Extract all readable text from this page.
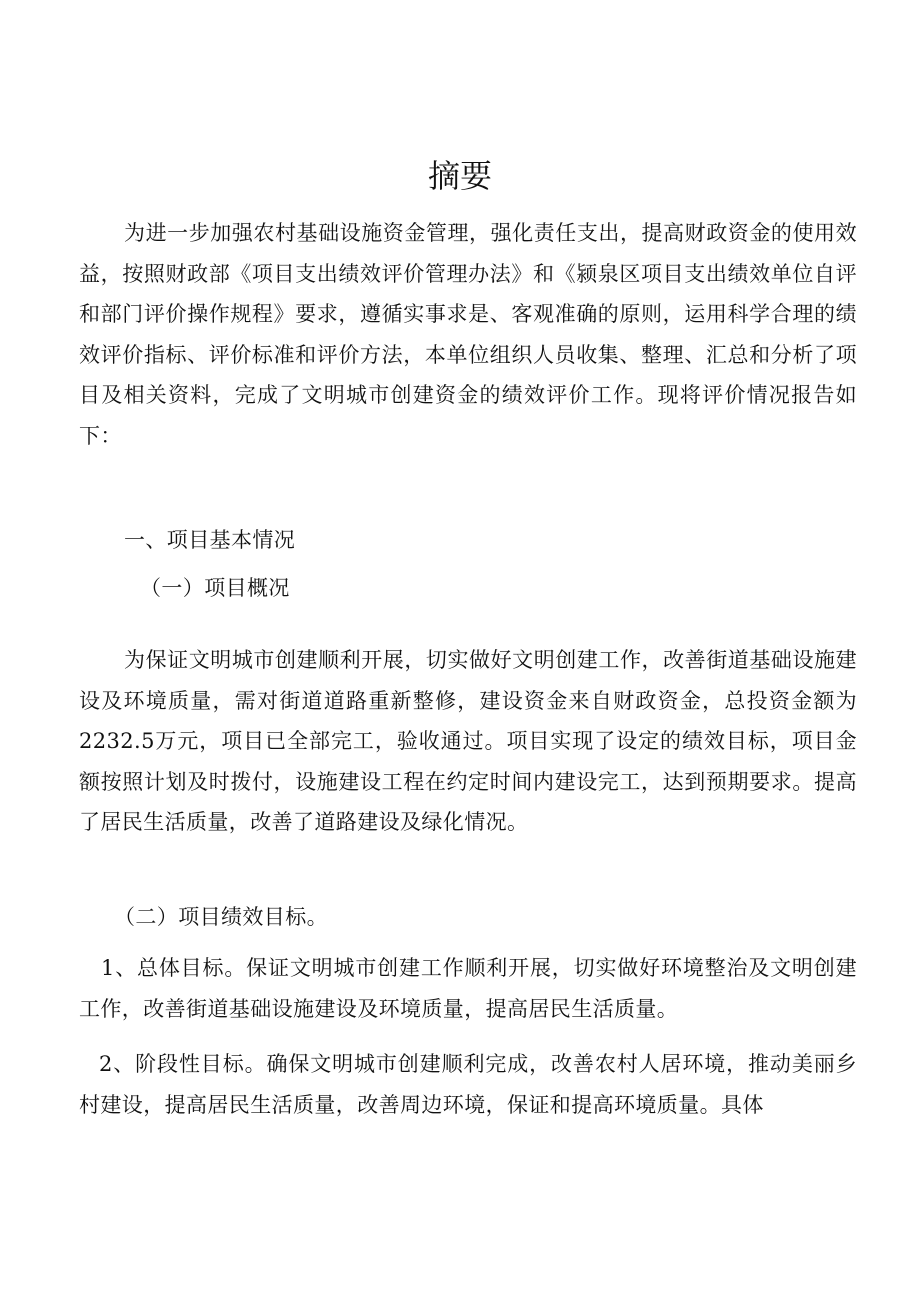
摘要

为进一步加强农村基础设施资金管理，强化责任支出，提高财政资金的使用效益，按照财政部《项目支出绩效评价管理办法》和《颍泉区项目支出绩效单位自评和部门评价操作规程》要求，遵循实事求是、客观准确的原则，运用科学合理的绩效评价指标、评价标准和评价方法，本单位组织人员收集、整理、汇总和分析了项目及相关资料，完成了文明城市创建资金的绩效评价工作。现将评价情况报告如下：

一、项目基本情况

（一）项目概况

为保证文明城市创建顺利开展，切实做好文明创建工作，改善街道基础设施建设及环境质量，需对街道道路重新整修，建设资金来自财政资金，总投资金额为2232.5万元，项目已全部完工，验收通过。项目实现了设定的绩效目标，项目金额按照计划及时拨付，设施建设工程在约定时间内建设完工，达到预期要求。提高了居民生活质量，改善了道路建设及绿化情况。

（二）项目绩效目标。

1、总体目标。保证文明城市创建工作顺利开展，切实做好环境整治及文明创建工作，改善街道基础设施建设及环境质量，提高居民生活质量。

2、阶段性目标。确保文明城市创建顺利完成，改善农村人居环境，推动美丽乡村建设，提高居民生活质量，改善周边环境，保证和提高环境质量。具体
